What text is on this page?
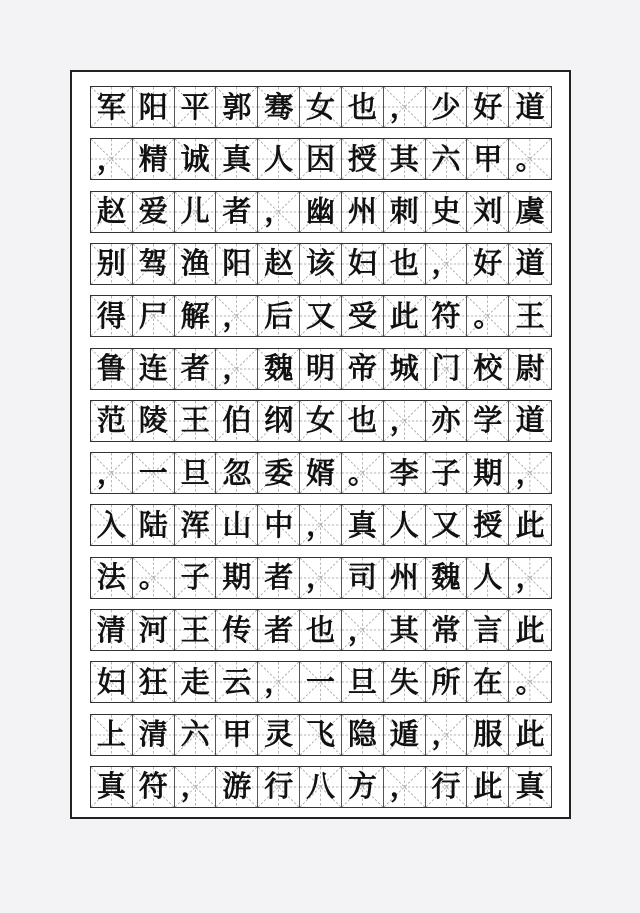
军 阳 平 郭 骞 女 也 ， 少 好 道
， 精 诚 真 人 因 授 其 六 甲 。
赵 爱 儿 者 ， 幽 州 刺 史 刘 虞
别 驾 渔 阳 赵 该 妇 也 ， 好 道
得 尸 解 ， 后 又 受 此 符 。 王
鲁 连 者 ， 魏 明 帝 城 门 校 尉
范 陵 王 伯 纲 女 也 ， 亦 学 道
， 一 旦 忽 委 婿 。 李 子 期 ，
入 陆 浑 山 中 ， 真 人 又 授 此
法 。 子 期 者 ， 司 州 魏 人 ，
清 河 王 传 者 也 ， 其 常 言 此
妇 狂 走 云 ， 一 旦 失 所 在 。
上 清 六 甲 灵 飞 隐 遁 ， 服 此
真 符 ， 游 行 八 方 ， 行 此 真
